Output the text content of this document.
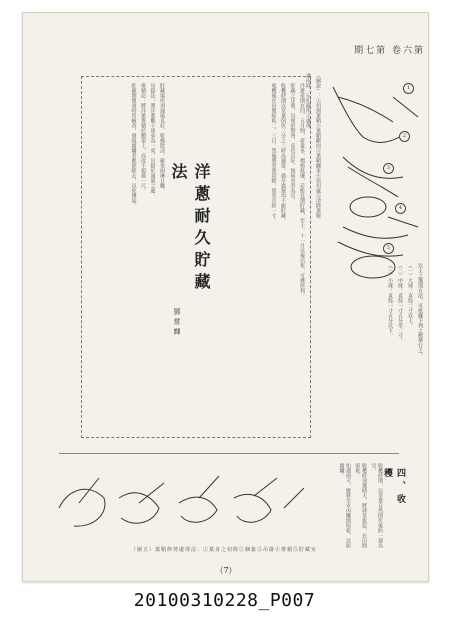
期七第 卷六第
1
2
3
4
5
（圖說）：①切割葉鞘②葉鞘斷面③葉鞘纏束④斜切處⑤清除葉腋
遇雨時：⑥如圖所示處理
以上之選別方法，可依據下列之標準行之。
（一）大球：直徑二寸以上。
（二）中球：直徑一寸五分至二寸。
（三）小球：直徑一寸五分以下。
洋蔥產期在四、五月間，產量多，價格低廉，若能長期貯藏，至十、十一月以後出售，可獲厚利。
貯藏之洋蔥，以球形整齊、皮色良好、無病害者為宜。
收穫時期以莖葉倒伏三分之二時為適當，過早過遲均不耐貯藏。
收穫後在田間晾乾二、三日，然後將莖葉切除，留莖長約一寸。
洋蔥耐久貯藏法
鄧常輝
貯藏場所須通風良好，乾燥陰涼，避免雨淋日曬。
吊掛法：將洋蔥數十球束為一束，吊掛於通風之處。
堆積法：將洋蔥堆積於棚架上，高度不超過一尺。
貯藏期間須時常檢查，發現腐爛者應即除去，以免傳染。
四、收穫
收穫時期，以莖葉自然倒伏後約一週為宜。
收穫時須選晴天，將球莖拔起，在田間晾乾。
如遇雨天，應移至室內攤開晾乾，以防腐爛。
（圖五）葉鞘修剪處理法：①葉身之切除②捆紮③吊掛④堆積⑤貯藏室
（7）
20100310228_P007
